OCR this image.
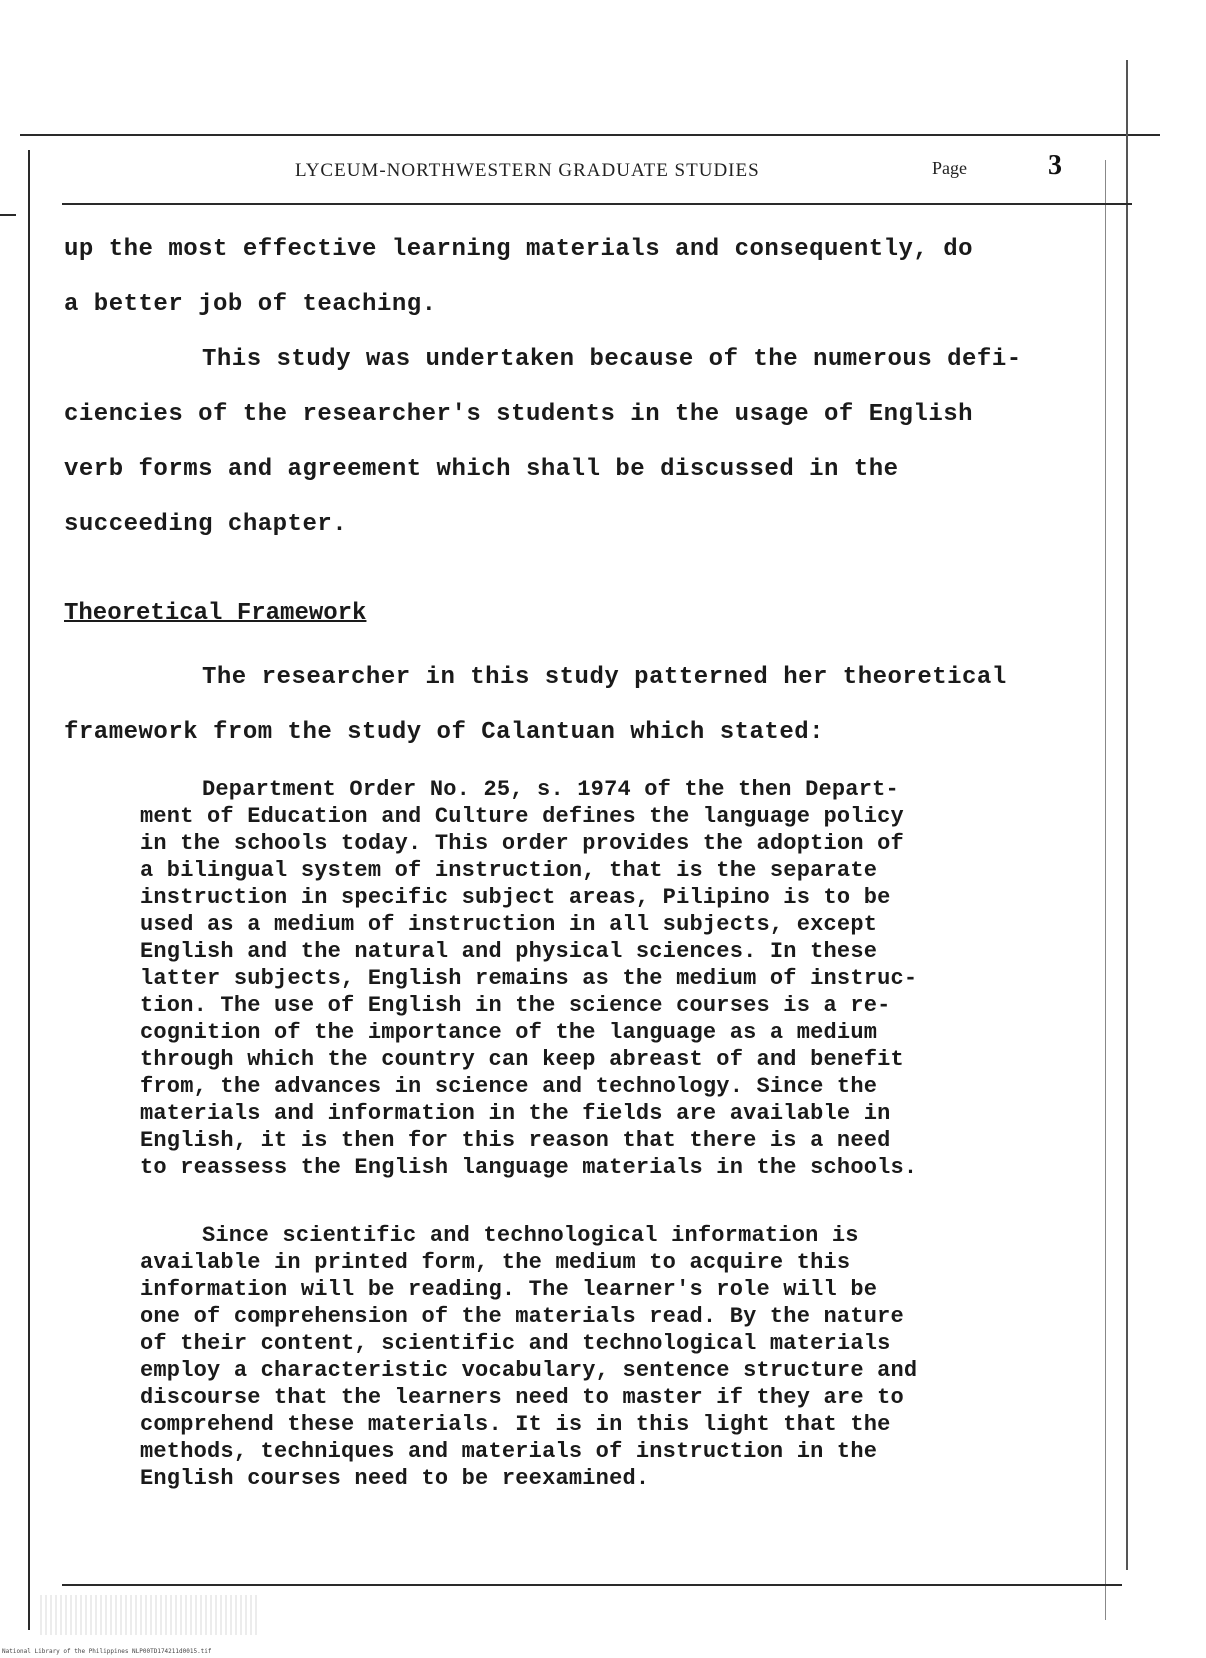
LYCEUM-NORTHWESTERN GRADUATE STUDIES	Page	3
up the most effective learning materials and consequently, do
a better job of teaching.
This study was undertaken because of the numerous defi-
ciencies of the researcher's students in the usage of English
verb forms and agreement which shall be discussed in the
succeeding chapter.
Theoretical Framework
The researcher in this study patterned her theoretical
framework from the study of Calantuan which stated:
Department Order No. 25, s. 1974 of the then Depart-
ment of Education and Culture defines the language policy
in the schools today. This order provides the adoption of
a bilingual system of instruction, that is the separate
instruction in specific subject areas, Pilipino is to be
used as a medium of instruction in all subjects, except
English and the natural and physical sciences. In these
latter subjects, English remains as the medium of instruc-
tion. The use of English in the science courses is a re-
cognition of the importance of the language as a medium
through which the country can keep abreast of and benefit
from, the advances in science and technology. Since the
materials and information in the fields are available in
English, it is then for this reason that there is a need
to reassess the English language materials in the schools.
Since scientific and technological information is
available in printed form, the medium to acquire this
information will be reading. The learner's role will be
one of comprehension of the materials read. By the nature
of their content, scientific and technological materials
employ a characteristic vocabulary, sentence structure and
discourse that the learners need to master if they are to
comprehend these materials. It is in this light that the
methods, techniques and materials of instruction in the
English courses need to be reexamined.
National Library of the Philippines NLP00TD174211d0015.tif
